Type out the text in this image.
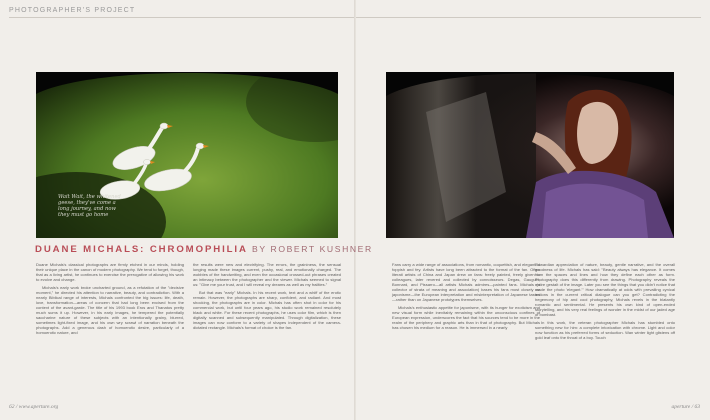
PHOTOGRAPHER'S PROJECT
Wait Wait, the whitened geese, they've come a long journey, and now they must go home
DUANE MICHALS: CHROMOPHILIA BY ROBERT KUSHNER

Duane Michals's classical photographs are firmly etched in our minds, holding their unique place in the canon of modern photography. We tend to forget, though, that as a living artist, he continues to exercise the prerogative of allowing his work to evolve and change.

Michals's early work broke uncharted ground, as a refutation of the "decisive moment," he directed his attention to narrative, beauty, and contradiction. With a nearly Biblical range of interests, Michals confronted the big issues: life, death, love, transformation—areas of concern that had long been excised from the context of the avant-garde. The title of his 1993 book Eros and Thanatos pretty much sums it up. However, in his early images, he tempered the potentially saccharine nature of these subjects with an intentionally grainy, blurred, sometimes light-fixed image, and his own wry scrawl of narration beneath the photographs. Add a generous dash of homoerotic desire, particularly of a homoerotic nature, and

the results were new and electrifying. The errors, the graininess, the sensual longing made these images current, pushy, real, and emotionally charged. The wobbles of the handwriting, and even the occasional crossed-out phrases created an intimacy between the photographer and the viewer. Michals seemed to signal us: "Give me your trust, and I will reveal my dreams as well as my frailties."

But that was "early" Michals. In his recent work, text and a whiff of the erotic remain. However, the photographs are sharp, confident, and radiant. And most shocking, the photographs are in color. Michals has often shot in color for his commercial work, but until four years ago, his studio work remained resolutely black and white. For these recent photographs, he uses color film, which is then digitally scanned and subsequently manipulated. Through digitalization, these images can now conform to a variety of shapes independent of the camera-dictated rectangle. Michals's format of choice is the fan.

Fans carry a wide range of associations, from romantic, coquettish, and elegant to foppish and fey. Artists have long been attracted to the format of the fan. Often literati artists of China and Japan drew on fans: freely painted, freely given to colleagues, later revered and collected by connoisseurs. Degas, Gauguin, Bonnard, and Pissarro—all artists Michals admires—painted fans. Michals (a collector of strata of meaning and association) bases his fans most closely on japonisme—the European interpretation and misinterpretation of Japanese tastes—rather than on Japanese prototypes themselves.

Michals's enthusiastic appetite for japonisme, with its hunger for exoticism and new visual form while inevitably remaining within the unconscious confines of European expression, underscores the fact that his sources tend to be more in the realm of the periphery and graphic arts than in that of photography. But Michals has chosen his medium for a reason. He is immersed in a nearly

Edwardian appreciation of nature, beauty, gentle narrative, and the overall goodness of life. Michals has said: "Beauty always has elegance. It comes from the spaces and lines and how they define each other as form. Photography does this differently from drawing. Photography reveals the entire gestalt of the image. Later you see the things that you didn't notice that made the photo 'elegant.'" How dramatically at odds with prevailing cynical notions in the current critical dialogue can you get? Contradicting the hegemony of hip and cool photography, Michals revels in the blatantly romantic and sentimental. He presents his own kind of open-ended storytelling, and his very real feelings of wonder in the midst of our jaded age of bombast.

In this work, the veteran photographer Michals has stumbled onto something new for him: a complete intoxication with chrome. Light and color now function as his preferred forms of seduction. Wan winter light glistens off gold leaf onto the throat of a boy. Touch

62 / www.aperture.org	aperture / 63
